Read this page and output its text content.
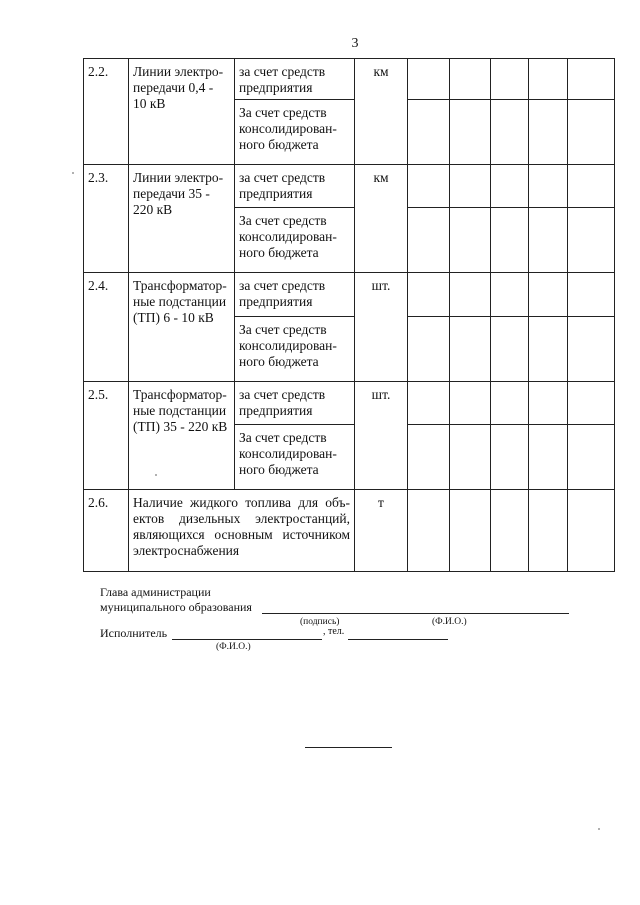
3
2.2.	Линии электро-передачи 0,4 - 10 кВ	за счет средств предприятия	км					
		За счет средств консолидирован-ного бюджета						
2.3.	Линии электро-передачи 35 - 220 кВ	за счет средств предприятия	км					
		За счет средств консолидирован-ного бюджета						
2.4.	Трансформатор-ные подстанции (ТП) 6 - 10 кВ	за счет средств предприятия	шт.					
		За счет средств консолидирован-ного бюджета						
2.5.	Трансформатор-ные подстанции (ТП) 35 - 220 кВ	за счет средств предприятия	шт.					
		За счет средств консолидирован-ного бюджета						
2.6.	Наличие жидкого топлива для объ-ектов дизельных электростанций, являющихся основным источником электроснабжения		т					
Глава администрации
муниципального образования
(подпись)	(Ф.И.О.)
Исполнитель	, тел.
(Ф.И.О.)
